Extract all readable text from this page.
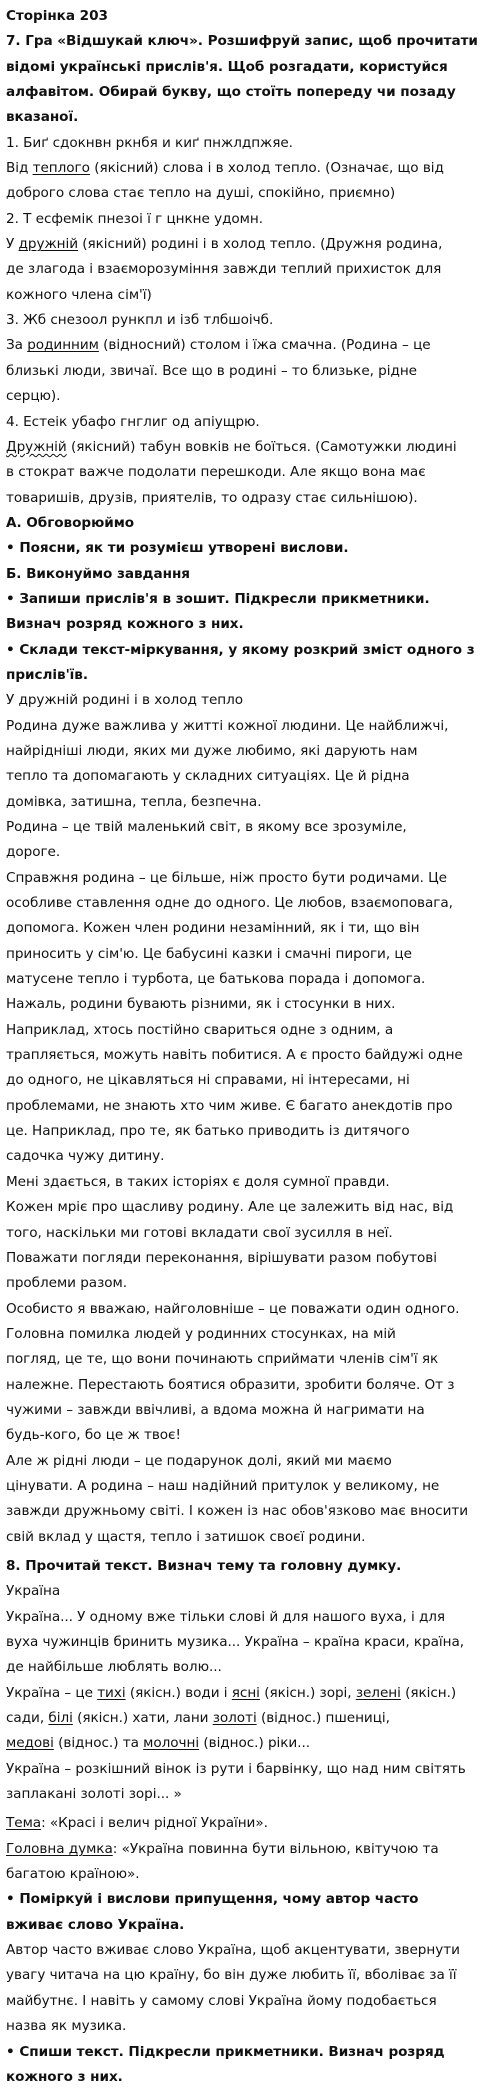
Сторінка 203
7. Гра «Відшукай ключ». Розшифруй запис, щоб прочитати
відомі українські прислів'я. Щоб розгадати, користуйся
алфавітом. Обирай букву, що стоїть попереду чи позаду
вказаної.
1. Биґ сдокнвн ркнбя и киґ пнжлдпжяе.
Від теплого (якісний) слова і в холод тепло. (Означає, що від
доброго слова стає тепло на душі, спокійно, приємно)
2. Т есфемік пнезоі ї г цнкне удомн.
У дружній (якісний) родині і в холод тепло. (Дружня родина,
де злагода і взаєморозуміння завжди теплий прихисток для
кожного члена сім'ї)
3. Жб снезоол рункпл и ізб тлбшоічб.
За родинним (відносний) столом і їжа смачна. (Родина – це
близькі люди, звичаї. Все що в родині – то близьке, рідне
серцю).
4. Естеік убафо гнглиг од апіущрю.
Дружній (якісний) табун вовків не боїться. (Самотужки людині
в стократ важче подолати перешкоди. Але якщо вона має
товаришів, друзів, приятелів, то одразу стає сильнішою).
А. Обговорюймо
• Поясни, як ти розумієш утворені вислови.
Б. Виконуймо завдання
• Запиши прислів'я в зошит. Підкресли прикметники.
Визнач розряд кожного з них.
• Склади текст-міркування, у якому розкрий зміст одного з
прислів'їв.
У дружній родині і в холод тепло
Родина дуже важлива у житті кожної людини. Це найближчі,
найрідніші люди, яких ми дуже любимо, які дарують нам
тепло та допомагають у складних ситуаціях. Це й рідна
домівка, затишна, тепла, безпечна.
Родина – це твій маленький світ, в якому все зрозуміле,
дороге.
Справжня родина – це більше, ніж просто бути родичами. Це
особливе ставлення одне до одного. Це любов, взаємоповага,
допомога. Кожен член родини незамінний, як і ти, що він
приносить у сім'ю. Це бабусині казки і смачні пироги, це
матусене тепло і турбота, це батькова порада і допомога.
Нажаль, родини бувають різними, як і стосунки в них.
Наприклад, хтось постійно свариться одне з одним, а
трапляється, можуть навіть побитися. А є просто байдужі одне
до одного, не цікавляться ні справами, ні інтересами, ні
проблемами, не знають хто чим живе. Є багато анекдотів про
це. Наприклад, про те, як батько приводить із дитячого
садочка чужу дитину.
Мені здається, в таких історіях є доля сумної правди.
Кожен мріє про щасливу родину. Але це залежить від нас, від
того, наскільки ми готові вкладати свої зусилля в неї.
Поважати погляди переконання, вірішувати разом побутові
проблеми разом.
Особисто я вважаю, найголовніше – це поважати один одного.
Головна помилка людей у родинних стосунках, на мій
погляд, це те, що вони починають сприймати членів сім'ї як
належне. Перестають боятися образити, зробити боляче. От з
чужими – завжди ввічливі, а вдома можна й нагримати на
будь-кого, бо це ж твоє!
Але ж рідні люди – це подарунок долі, який ми маємо
цінувати. А родина – наш надійний притулок у великому, не
завжди дружньому світі. І кожен із нас обов'язково має вносити
свій вклад у щастя, тепло і затишок своєї родини.
8. Прочитай текст. Визнач тему та головну думку.
Україна
Україна... У одному вже тільки слові й для нашого вуха, і для
вуха чужинців бринить музика... Україна – країна краси, країна,
де найбільше люблять волю...
Україна – це тихі (якісн.) води і ясні (якісн.) зорі, зелені (якісн.)
сади, білі (якісн.) хати, лани золоті (віднос.) пшениці,
медові (віднос.) та молочні (віднос.) ріки...
Україна – розкішний вінок із рути і барвінку, що над ним світять
заплакані золоті зорі... »
Тема: «Красі і велич рідної України».
Головна думка: «Україна повинна бути вільною, квітучою та
багатою країною».
• Поміркуй і вислови припущення, чому автор часто
вживає слово Україна.
Автор часто вживає слово Україна, щоб акцентувати, звернути
увагу читача на цю країну, бо він дуже любить її, вболіває за її
майбутнє. І навіть у самому слові Україна йому подобається
назва як музика.
• Спиши текст. Підкресли прикметники. Визнач розряд
кожного з них.
